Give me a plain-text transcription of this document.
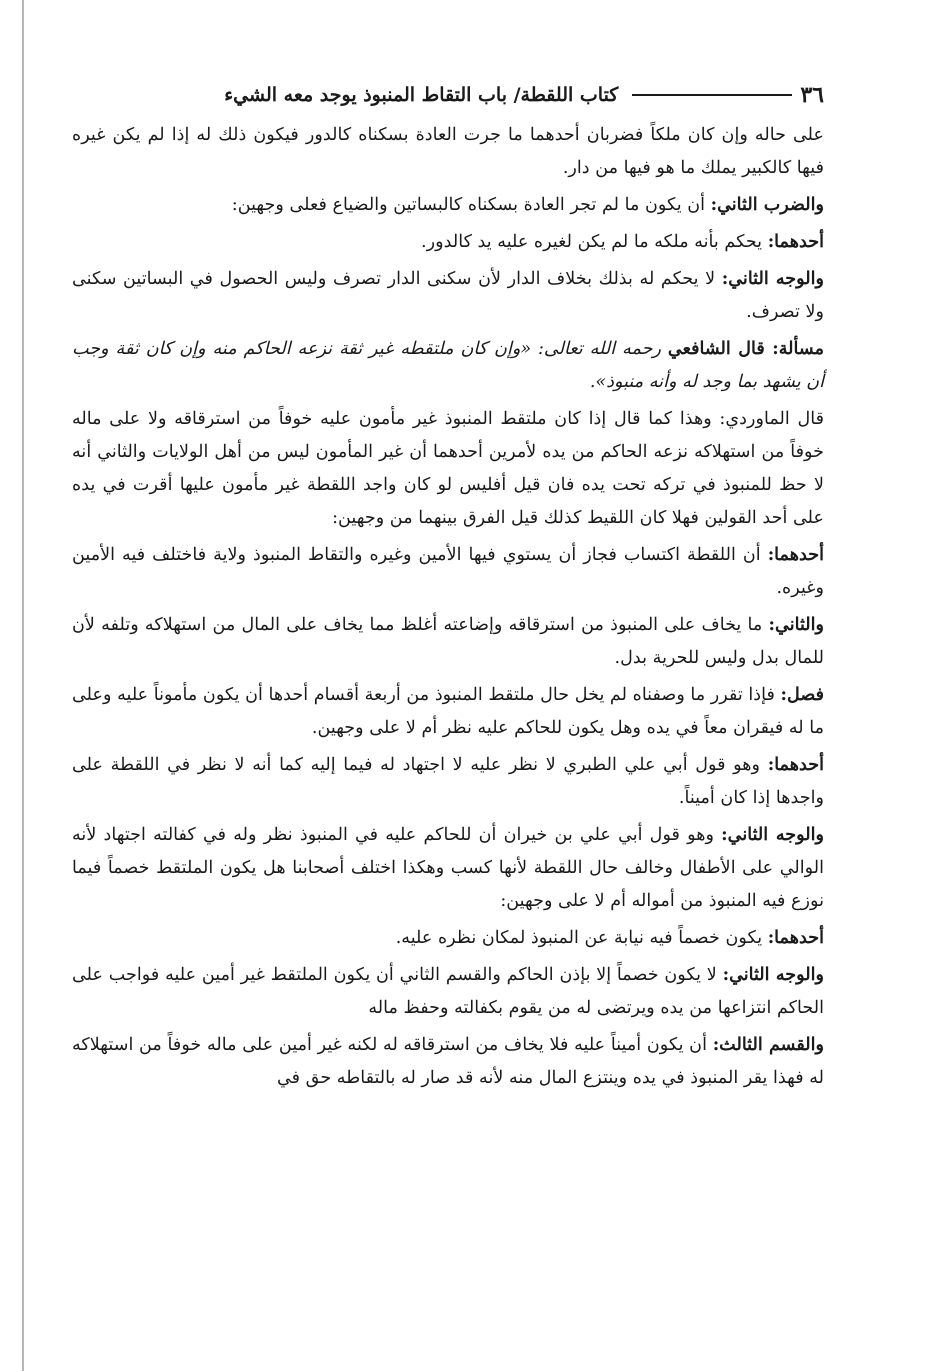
٣٦
كتاب اللقطة/ باب التقاط المنبوذ يوجد معه الشيء

على حاله وإن كان ملكاً فضربان أحدهما ما جرت العادة بسكناه كالدور فيكون ذلك له إذا لم يكن غيره فيها كالكبير يملك ما هو فيها من دار.

والضرب الثاني: أن يكون ما لم تجر العادة بسكناه كالبساتين والضياع فعلى وجهين:

أحدهما: يحكم بأنه ملكه ما لم يكن لغيره عليه يد كالدور.

والوجه الثاني: لا يحكم له بذلك بخلاف الدار لأن سكنى الدار تصرف وليس الحصول في البساتين سكنى ولا تصرف.

مسألة: قال الشافعي رحمه الله تعالى: «وإن كان ملتقطه غير ثقة نزعه الحاكم منه وإن كان ثقة وجب أن يشهد بما وجد له وأنه منبوذ».

قال الماوردي: وهذا كما قال إذا كان ملتقط المنبوذ غير مأمون عليه خوفاً من استرقاقه ولا على ماله خوفاً من استهلاكه نزعه الحاكم من يده لأمرين أحدهما أن غير المأمون ليس من أهل الولايات والثاني أنه لا حظ للمنبوذ في تركه تحت يده فان قيل أفليس لو كان واجد اللقطة غير مأمون عليها أقرت في يده على أحد القولين فهلا كان اللقيط كذلك قيل الفرق بينهما من وجهين:

أحدهما: أن اللقطة اكتساب فجاز أن يستوي فيها الأمين وغيره والتقاط المنبوذ ولاية فاختلف فيه الأمين وغيره.

والثاني: ما يخاف على المنبوذ من استرقاقه وإضاعته أغلظ مما يخاف على المال من استهلاكه وتلفه لأن للمال بدل وليس للحرية بدل.

فصل: فإذا تقرر ما وصفناه لم يخل حال ملتقط المنبوذ من أربعة أقسام أحدها أن يكون مأموناً عليه وعلى ما له فيقران معاً في يده وهل يكون للحاكم عليه نظر أم لا على وجهين.

أحدهما: وهو قول أبي علي الطبري لا نظر عليه لا اجتهاد له فيما إليه كما أنه لا نظر في اللقطة على واجدها إذا كان أميناً.

والوجه الثاني: وهو قول أبي علي بن خيران أن للحاكم عليه في المنبوذ نظر وله في كفالته اجتهاد لأنه الوالي على الأطفال وخالف حال اللقطة لأنها كسب وهكذا اختلف أصحابنا هل يكون الملتقط خصماً فيما نوزع فيه المنبوذ من أمواله أم لا على وجهين:

أحدهما: يكون خصماً فيه نيابة عن المنبوذ لمكان نظره عليه.

والوجه الثاني: لا يكون خصماً إلا بإذن الحاكم والقسم الثاني أن يكون الملتقط غير أمين عليه فواجب على الحاكم انتزاعها من يده ويرتضى له من يقوم بكفالته وحفظ ماله

والقسم الثالث: أن يكون أميناً عليه فلا يخاف من استرقاقه له لكنه غير أمين على ماله خوفاً من استهلاكه له فهذا يقر المنبوذ في يده وينتزع المال منه لأنه قد صار له بالتقاطه حق في
